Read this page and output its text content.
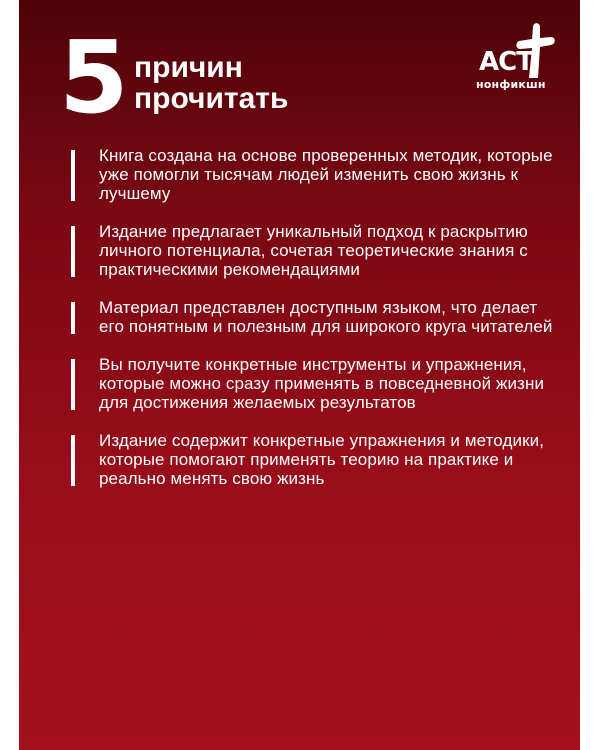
5 причин
прочитать
АСТ
нонфикшн
Книга создана на основе проверенных методик, которые уже помогли тысячам людей изменить свою жизнь к лучшему
Издание предлагает уникальный подход к раскрытию личного потенциала, сочетая теоретические знания с практическими рекомендациями
Материал представлен доступным языком, что делает его понятным и полезным для широкого круга читателей
Вы получите конкретные инструменты и упражнения, которые можно сразу применять в повседневной жизни для достижения желаемых результатов
Издание содержит конкретные упражнения и методики, которые помогают применять теорию на практике и реально менять свою жизнь
